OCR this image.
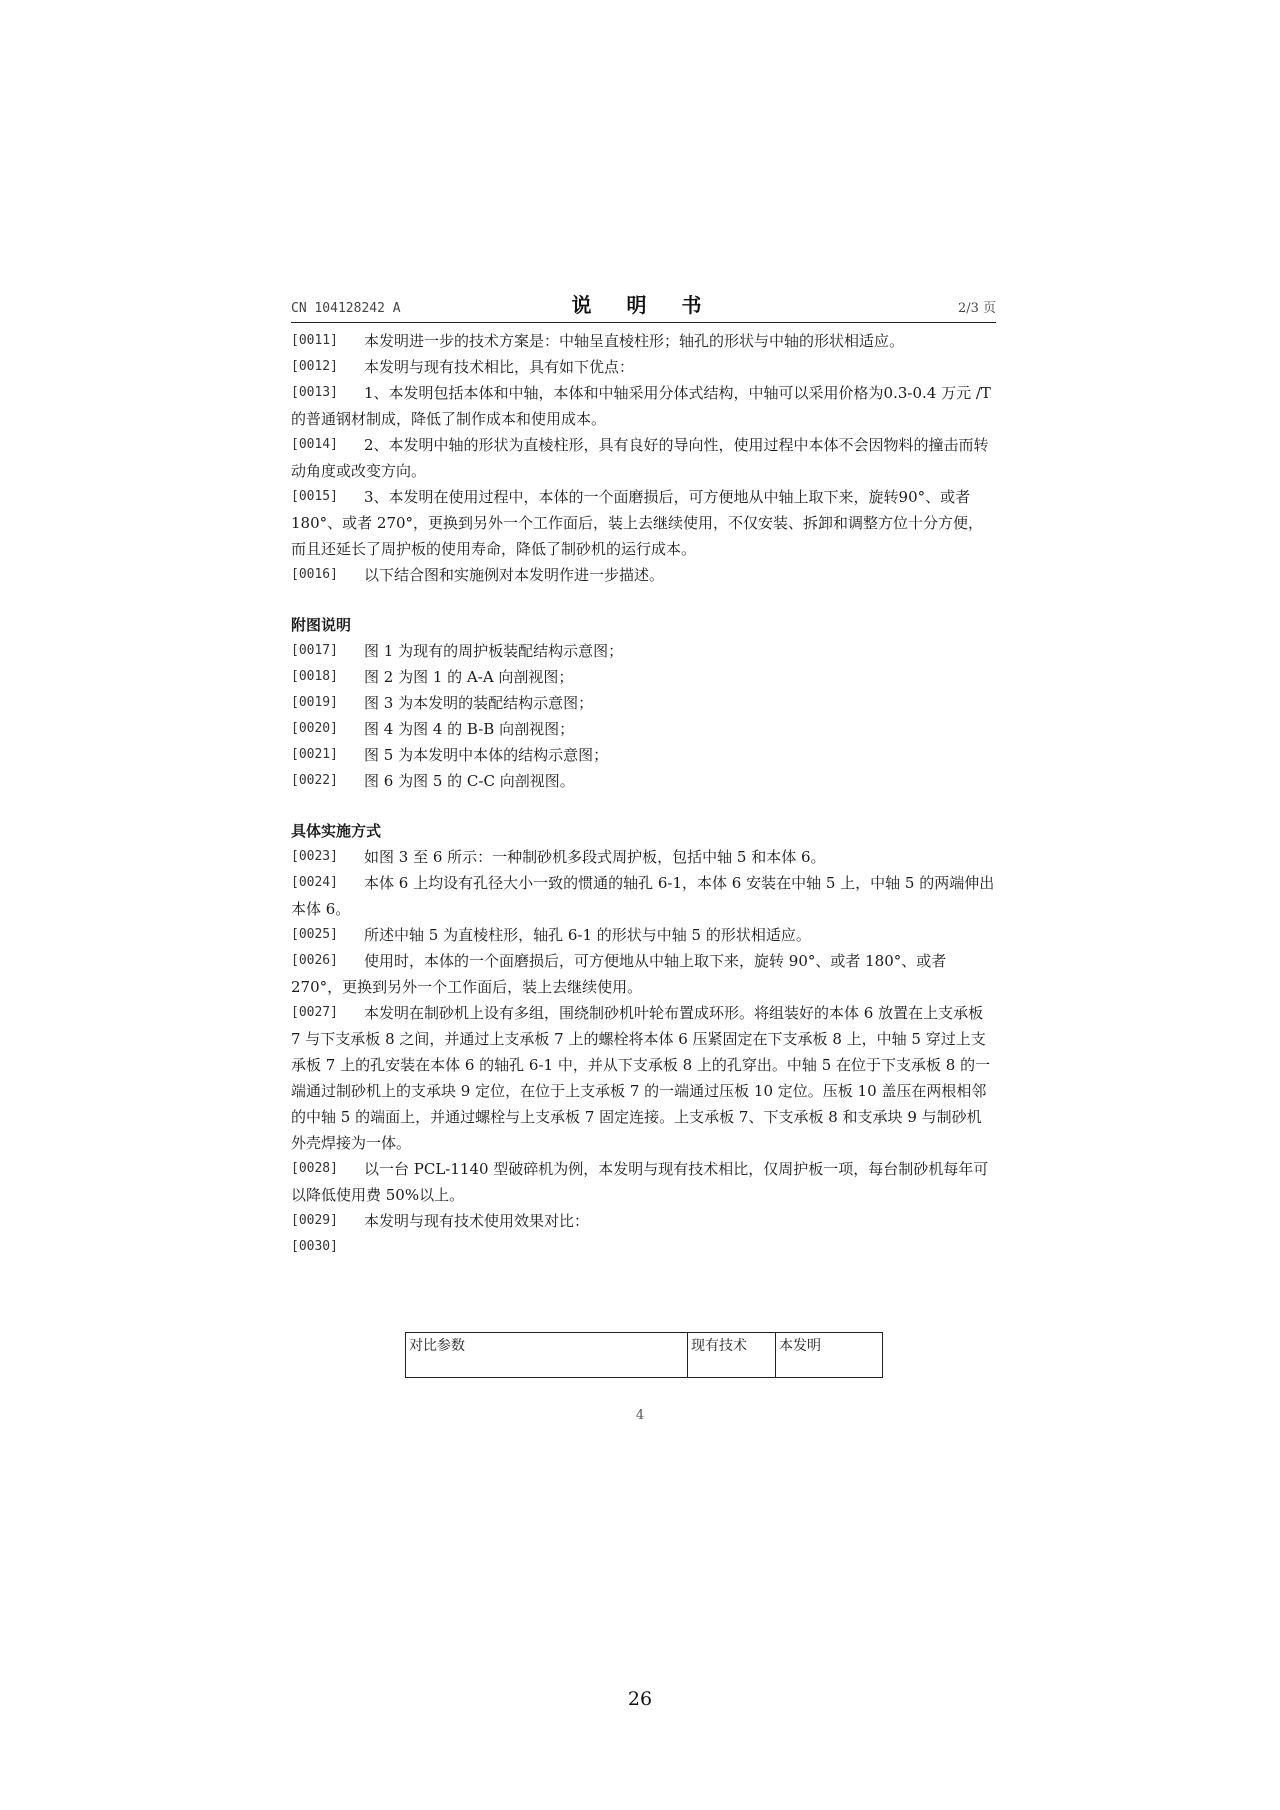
CN 104128242 A	说 明 书	2/3 页
[0011]	本发明进一步的技术方案是：中轴呈直棱柱形；轴孔的形状与中轴的形状相适应。
[0012]	本发明与现有技术相比，具有如下优点：
[0013]	1、本发明包括本体和中轴，本体和中轴采用分体式结构，中轴可以采用价格为0.3-0.4 万元 /T 的普通钢材制成，降低了制作成本和使用成本。
[0014]	2、本发明中轴的形状为直棱柱形，具有良好的导向性，使用过程中本体不会因物料的撞击而转动角度或改变方向。
[0015]	3、本发明在使用过程中，本体的一个面磨损后，可方便地从中轴上取下来，旋转90°、或者 180°、或者 270°，更换到另外一个工作面后，装上去继续使用，不仅安装、拆卸和调整方位十分方便，而且还延长了周护板的使用寿命，降低了制砂机的运行成本。
[0016]	以下结合图和实施例对本发明作进一步描述。
附图说明
[0017]	图 1 为现有的周护板装配结构示意图；
[0018]	图 2 为图 1 的 A-A 向剖视图；
[0019]	图 3 为本发明的装配结构示意图；
[0020]	图 4 为图 4 的 B-B 向剖视图；
[0021]	图 5 为本发明中本体的结构示意图；
[0022]	图 6 为图 5 的 C-C 向剖视图。
具体实施方式
[0023]	如图 3 至 6 所示：一种制砂机多段式周护板，包括中轴 5 和本体 6。
[0024]	本体 6 上均设有孔径大小一致的惯通的轴孔 6-1，本体 6 安装在中轴 5 上，中轴 5 的两端伸出本体 6。
[0025]	所述中轴 5 为直棱柱形，轴孔 6-1 的形状与中轴 5 的形状相适应。
[0026]	使用时，本体的一个面磨损后，可方便地从中轴上取下来，旋转 90°、或者 180°、或者 270°，更换到另外一个工作面后，装上去继续使用。
[0027]	本发明在制砂机上设有多组，围绕制砂机叶轮布置成环形。将组装好的本体 6 放置在上支承板 7 与下支承板 8 之间，并通过上支承板 7 上的螺栓将本体 6 压紧固定在下支承板 8 上，中轴 5 穿过上支承板 7 上的孔安装在本体 6 的轴孔 6-1 中，并从下支承板 8 上的孔穿出。中轴 5 在位于下支承板 8 的一端通过制砂机上的支承块 9 定位，在位于上支承板 7 的一端通过压板 10 定位。压板 10 盖压在两根相邻的中轴 5 的端面上，并通过螺栓与上支承板 7 固定连接。上支承板 7、下支承板 8 和支承块 9 与制砂机外壳焊接为一体。
[0028]	以一台 PCL-1140 型破碎机为例，本发明与现有技术相比，仅周护板一项，每台制砂机每年可以降低使用费 50%以上。
[0029]	本发明与现有技术使用效果对比：
[0030]
对比参数	现有技术	本发明
4
26
